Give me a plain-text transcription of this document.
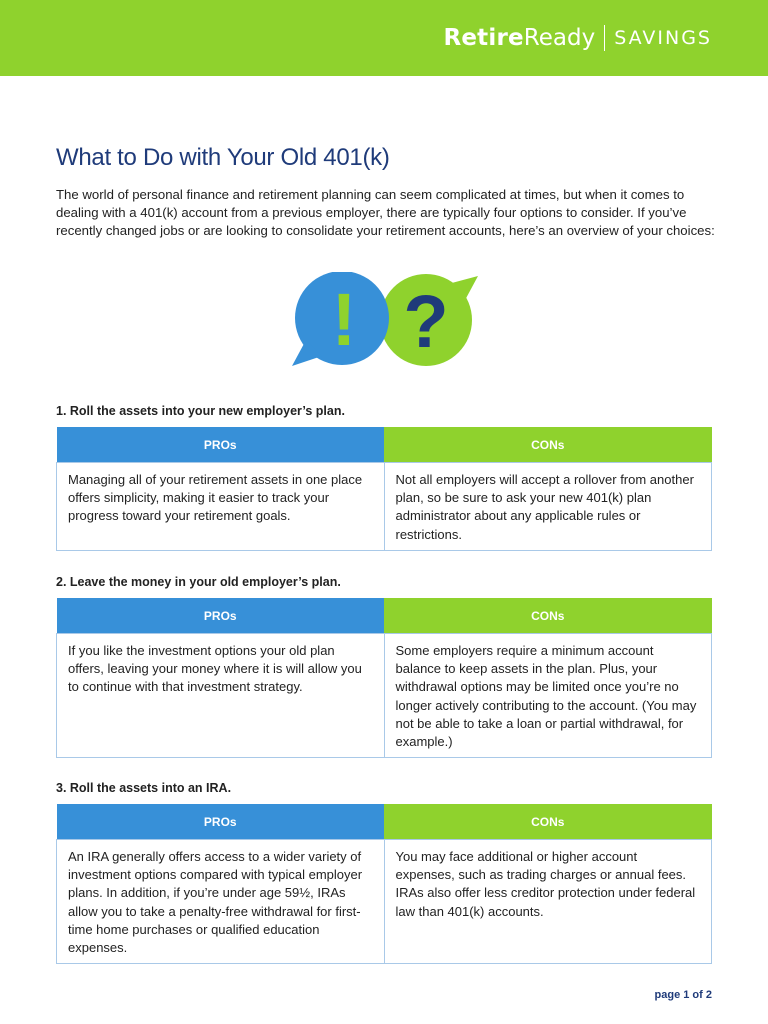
Retire Ready SAVINGS
What to Do with Your Old 401(k)

The world of personal finance and retirement planning can seem complicated at times, but when it comes to dealing with a 401(k) account from a previous employer, there are typically four options to consider. If you’ve recently changed jobs or are looking to consolidate your retirement accounts, here’s an overview of your choices:

! ?

1. Roll the assets into your new employer’s plan.

PROs	CONs
Managing all of your retirement assets in one place offers simplicity, making it easier to track your progress toward your retirement goals.	Not all employers will accept a rollover from another plan, so be sure to ask your new 401(k) plan administrator about any applicable rules or restrictions.

2. Leave the money in your old employer’s plan.

PROs	CONs
If you like the investment options your old plan offers, leaving your money where it is will allow you to continue with that investment strategy.	Some employers require a minimum account balance to keep assets in the plan. Plus, your withdrawal options may be limited once you’re no longer actively contributing to the account. (You may not be able to take a loan or partial withdrawal, for example.)

3. Roll the assets into an IRA.

PROs	CONs
An IRA generally offers access to a wider variety of investment options compared with typical employer plans. In addition, if you’re under age 59½, IRAs allow you to take a penalty-free withdrawal for first-time home purchases or qualified education expenses.	You may face additional or higher account expenses, such as trading charges or annual fees. IRAs also offer less creditor protection under federal law than 401(k) accounts.
page 1 of 2
